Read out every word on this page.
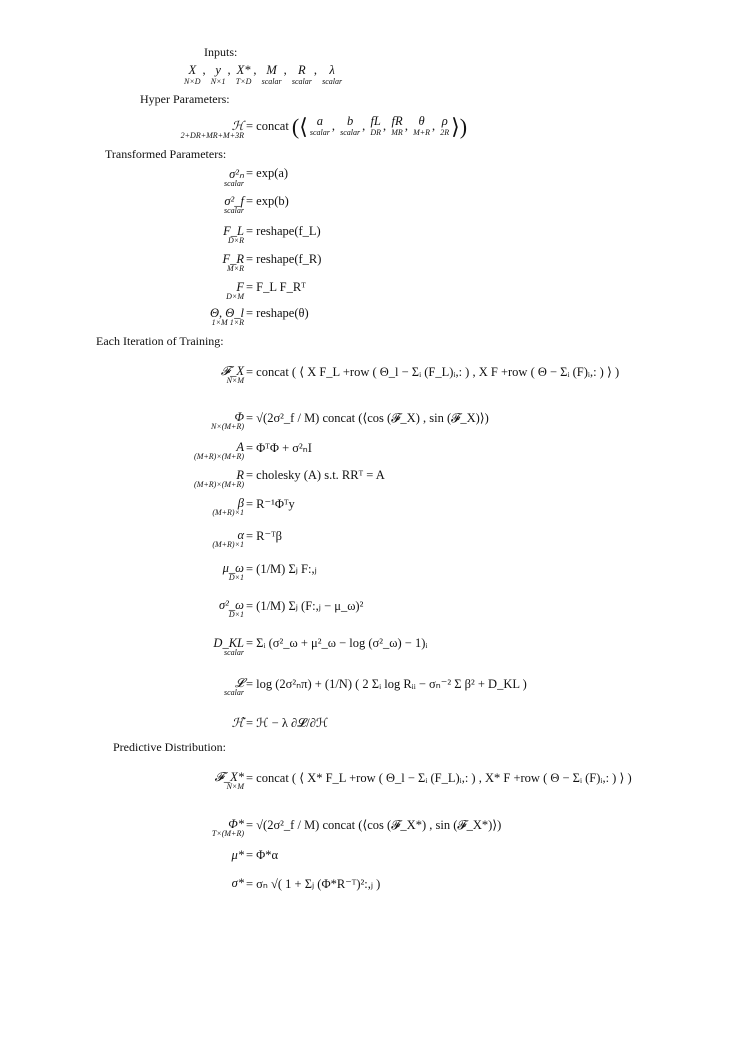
Inputs:
X
N×D
, y
N×1
, X*
T×D
, M
scalar
, R
scalar
, λ
scalar
Hyper Parameters:
ℋ
2+DR+MR+M+3R
= concat (⟨ a
scalar , b
scalar , fL
DR , fR
MR , θ
M+R , ρ
2R ⟩)
Transformed Parameters:
σ²ₙ
scalar
= exp(a)
σ²_f
scalar
= exp(b)
F_L
D×R
= reshape(f_L)
F_R
M×R
= reshape(f_R)
F
D×M
= F_L F_Rᵀ
Θ, Θ_l
1×M 1×R
= reshape(θ)
Each Iteration of Training:
𝓕_X
N×M
= concat ( ⟨ X F_L +row ( Θ_l − Σᵢ (F_L)ᵢ,: ) , X F +row ( Θ − Σᵢ (F)ᵢ,: ) ⟩ )
Φ
N×(M+R)
= √(2σ²_f / M) concat (⟨cos (𝓕_X) , sin (𝓕_X)⟩)
A
(M+R)×(M+R)
= ΦᵀΦ + σ²ₙI
R
(M+R)×(M+R)
= cholesky (A) s.t. RRᵀ = A
β
(M+R)×1
= R⁻¹Φᵀy
α
(M+R)×1
= R⁻ᵀβ
μ_ω
D×1
= (1/M) Σⱼ F:,ⱼ
σ²_ω
D×1
= (1/M) Σⱼ (F:,ⱼ − μ_ω)²
D_KL
scalar
= Σᵢ (σ²_ω + μ²_ω − log (σ²_ω) − 1)ᵢ
𝓛
scalar
= log (2σ²ₙπ) + (1/N) ( 2 Σᵢ log Rᵢᵢ − σₙ⁻² Σ β² + D_KL )
ℋ̂ = ℋ − λ ∂𝓛/∂ℋ
Predictive Distribution:
𝓕_X*
N×M
= concat ( ⟨ X* F_L +row ( Θ_l − Σᵢ (F_L)ᵢ,: ) , X* F +row ( Θ − Σᵢ (F)ᵢ,: ) ⟩ )
Φ*
T×(M+R)
= √(2σ²_f / M) concat (⟨cos (𝓕_X*) , sin (𝓕_X*)⟩)
μ* = Φ*α
σ* = σₙ √( 1 + Σⱼ (Φ*R⁻ᵀ)²:,ⱼ )
